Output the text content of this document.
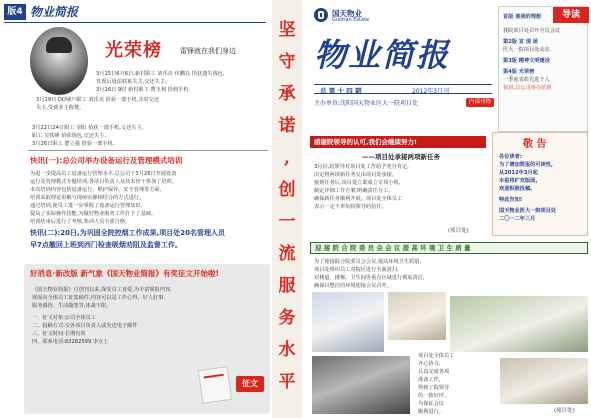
版4 物业简报
光荣榜	雷锋就在我们身边
3月15日6月6日,新村职工 刘乐亮 伟鹏亮 拾获遗失钱包,
发现后设法联系失主,交还失主。
3月16日 9时 新村职工 曹玉利 拾到手机
3月19日 DD铺户职工 刘乐亮 拾获一部手机,及时交还
失主,受到业主称赞。
3月22日24日职工 李阳 拾获一部手机,交还失主。
职工 吴铁峰 拾获钱包,交还失主,
3月26日职工 董立强 拾获一部手机。
快讯(一):总公司举办设备运行及管理模式培训
为进一步提高员工设备运行管理水平,总公司于3月26日开展设备
运行及管理模式专题培训,各项目负责人及技术骨干参加了培训。
本次培训内容包括设备运行、维护保养、安全管理等方面,
培训采取理论讲解与现场实操相结合的方式进行。
通过培训,使员工进一步掌握了设备运行管理知识,
提高了实际操作技能,为做好物业服务工作打下了基础。
培训结束后进行了考核,参训人员全部合格。
快讯(二):20日,为巩固全院控烟工作成果,项目处20名管理人员
早7点撤回上班到西门检查吸烟劝阻及监督工作。
好消息·新改版 新气象《国天物业简报》有奖征文开始啦!
《国天物业简报》自创刊以来,深受员工喜爱,为丰富简报内容,
现面向全体员工征集稿件,内容可以是工作心得、好人好事、
服务感悟、生活随笔等,体裁不限。
一、征文对象:公司全体员工
二、投稿方式:交各项目负责人或发送电子邮件
三、征文时间:长期有效
四、联系电话:83282599 李女士
征文
坚
守
承
诺
,
创
一
流
服
务
水
平
国天物业
Guotian Estate
物业简报
总 第 十 四 期	2012年3月刊
主办单位:沈阳国天物业医大一院项目处	内部刊物
导读
首版 谈我的理想
我院项目处召开全员会议
第2版 宣 现 场
医大一院项目处动态
第3版 精神文明建设
第4版 光荣榜
一季度表彰先进个人
快讯:总公司举办培训
感谢院领导的认可,我们会继续努力!
——项目处承接两项新任务
3月份,院领导对项目处工作给予充分肯定,
决定将两项新任务交由项目处承接。
接到任务后,项目处立即成立专项小组,
制定详细工作方案,明确责任分工,
确保新任务顺利开展。项目处全体员工
表示一定不辜负院领导的信任,
(项目处)
敬 告
各位读者:
为了增加简报的可读性,
从2012年3月起
本报将扩充版面,
欢迎积极投稿。
特此告知!
国天物业医大一院项目处
二〇一二年三月
迎 接 院 合 院 委 员 会 会 议 提 高 环 境 卫 生 质 量
为了迎接院合院委员会会议,提高环境卫生质量,
项目处组织员工对院区进行全面清扫,
对楼道、楼梯、卫生间等重点区域进行彻底清洁,
确保以整洁的环境迎接会议召开。
项目处全体员工
齐心协力,
认真完成各项
准备工作,
得到了院领导
的一致好评。
为保证会议
顺利进行。	(项目处)
